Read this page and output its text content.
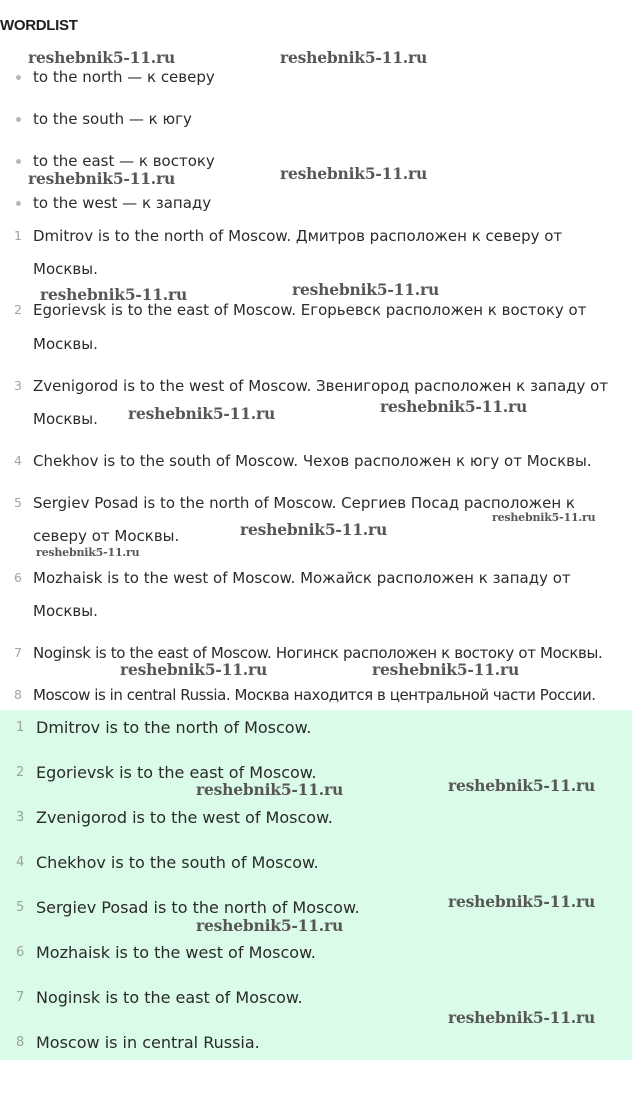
WORDLIST
to the north — к северу
to the south — к югу
to the east — к востоку
to the west — к западу
1 Dmitrov is to the north of Moscow. Дмитров расположен к северу от
Москвы.
2 Egorievsk is to the east of Moscow. Егорьевск расположен к востоку от
Москвы.
3 Zvenigorod is to the west of Moscow. Звенигород расположен к западу от
Москвы.
4 Chekhov is to the south of Moscow. Чехов расположен к югу от Москвы.
5 Sergiev Posad is to the north of Moscow. Сергиев Посад расположен к
северу от Москвы.
6 Mozhaisk is to the west of Moscow. Можайск расположен к западу от
Москвы.
7 Noginsk is to the east of Moscow. Ногинск расположен к востоку от Москвы.
8 Moscow is in central Russia. Москва находится в центральной части России.
1 Dmitrov is to the north of Moscow.
2 Egorievsk is to the east of Moscow.
3 Zvenigorod is to the west of Moscow.
4 Chekhov is to the south of Moscow.
5 Sergiev Posad is to the north of Moscow.
6 Mozhaisk is to the west of Moscow.
7 Noginsk is to the east of Moscow.
8 Moscow is in central Russia.
reshebnik5-11.ru	reshebnik5-11.ru
reshebnik5-11.ru	reshebnik5-11.ru
reshebnik5-11.ru	reshebnik5-11.ru
reshebnik5-11.ru	reshebnik5-11.ru
reshebnik5-11.ru
reshebnik5-11.ru
reshebnik5-11.ru
reshebnik5-11.ru	reshebnik5-11.ru
reshebnik5-11.ru	reshebnik5-11.ru
reshebnik5-11.ru
reshebnik5-11.ru
reshebnik5-11.ru
